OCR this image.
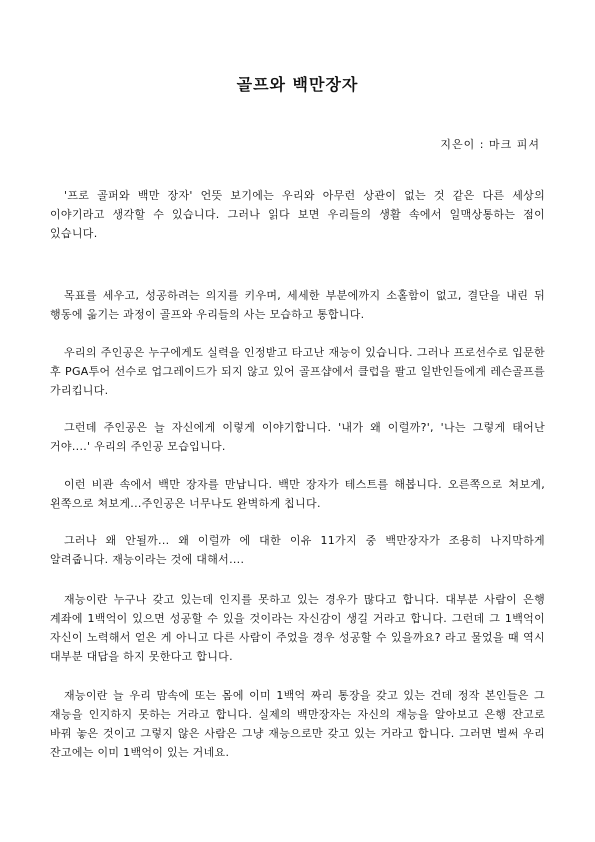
골프와 백만장자
지은이 : 마크 피셔

'프로 골퍼와 백만 장자' 언뜻 보기에는 우리와 아무런 상관이 없는 것 같은 다른 세상의 이야기라고 생각할 수 있습니다. 그러나 읽다 보면 우리들의 생활 속에서 일맥상통하는 점이 있습니다.

목표를 세우고, 성공하려는 의지를 키우며, 세세한 부분에까지 소홀함이 없고, 결단을 내린 뒤 행동에 옮기는 과정이 골프와 우리들의 사는 모습하고 통합니다.

우리의 주인공은 누구에게도 실력을 인정받고 타고난 재능이 있습니다. 그러나 프로선수로 입문한 후 PGA투어 선수로 업그레이드가 되지 않고 있어 골프샵에서 클럽을 팔고 일반인들에게 레슨골프를 가리킵니다.

그런데 주인공은 늘 자신에게 이렇게 이야기합니다. '내가 왜 이럴까?', '나는 그렇게 태어난 거야....' 우리의 주인공 모습입니다.

이런 비관 속에서 백만 장자를 만납니다. 백만 장자가 테스트를 해봅니다. 오른쪽으로 쳐보게, 왼쪽으로 쳐보게...주인공은 너무나도 완벽하게 칩니다.

그러나 왜 안될까... 왜 이럴까 에 대한 이유 11가지 중 백만장자가 조용히 나지막하게 알려줍니다. 재능이라는 것에 대해서....

재능이란 누구나 갖고 있는데 인지를 못하고 있는 경우가 많다고 합니다. 대부분 사람이 은행 계좌에 1백억이 있으면 성공할 수 있을 것이라는 자신감이 생길 거라고 합니다. 그런데 그 1백억이 자신이 노력해서 얻은 게 아니고 다른 사람이 주었을 경우 성공할 수 있을까요? 라고 물었을 때 역시 대부분 대답을 하지 못한다고 합니다.

재능이란 늘 우리 맘속에 또는 몸에 이미 1백억 짜리 통장을 갖고 있는 건데 정작 본인들은 그 재능을 인지하지 못하는 거라고 합니다. 실제의 백만장자는 자신의 재능을 알아보고 은행 잔고로 바꿔 놓은 것이고 그렇지 않은 사람은 그냥 재능으로만 갖고 있는 거라고 합니다. 그러면 벌써 우리 잔고에는 이미 1백억이 있는 거네요.
